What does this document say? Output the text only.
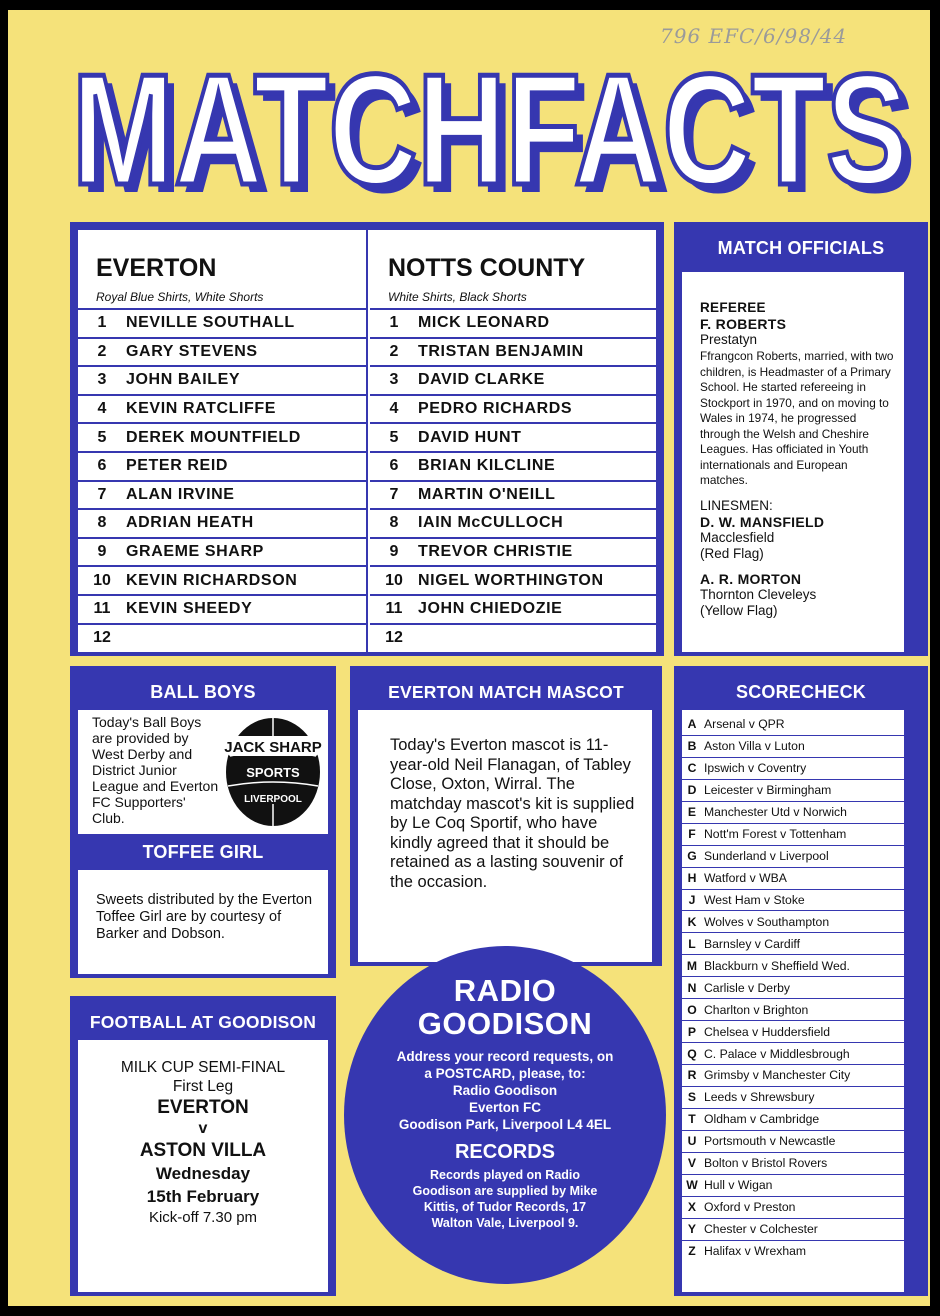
796 EFC/6/98/44
MATCHFACTS
MATCHFACTS
EVERTON
Royal Blue Shirts, White Shorts
1	NEVILLE SOUTHALL
2	GARY STEVENS
3	JOHN BAILEY
4	KEVIN RATCLIFFE
5	DEREK MOUNTFIELD
6	PETER REID
7	ALAN IRVINE
8	ADRIAN HEATH
9	GRAEME SHARP
10 KEVIN RICHARDSON
11 KEVIN SHEEDY
12
NOTTS COUNTY
White Shirts, Black Shorts
1	MICK LEONARD
2	TRISTAN BENJAMIN
3	DAVID CLARKE
4	PEDRO RICHARDS
5	DAVID HUNT
6	BRIAN KILCLINE
7	MARTIN O'NEILL
8	IAIN McCULLOCH
9	TREVOR CHRISTIE
10 NIGEL WORTHINGTON
11 JOHN CHIEDOZIE
12
MATCH OFFICIALS
REFEREE
F. ROBERTS
Prestatyn
Ffrangcon Roberts, married, with two children, is Headmaster of a Primary School. He started refereeing in Stockport in 1970, and on moving to Wales in 1974, he progressed through the Welsh and Cheshire Leagues. Has officiated in Youth internationals and European matches.
LINESMEN:
D. W. MANSFIELD
Macclesfield
(Red Flag)
A. R. MORTON
Thornton Cleveleys
(Yellow Flag)
BALL BOYS
Today's Ball Boys are provided by West Derby and District Junior League and Everton FC Supporters' Club.
JACK SHARP
SPORTS
LIVERPOOL
TOFFEE GIRL
Sweets distributed by the Everton Toffee Girl are by courtesy of Barker and Dobson.
FOOTBALL AT GOODISON
MILK CUP SEMI-FINAL
First Leg
EVERTON
v
ASTON VILLA
Wednesday
15th February
Kick-off 7.30 pm
EVERTON MATCH MASCOT
Today's Everton mascot is 11-year-old Neil Flanagan, of Tabley Close, Oxton, Wirral. The matchday mascot's kit is supplied by Le Coq Sportif, who have kindly agreed that it should be retained as a lasting souvenir of the occasion.
RADIO
GOODISON
Address your record requests, on
a POSTCARD, please, to:
Radio Goodison
Everton FC
Goodison Park, Liverpool L4 4EL
RECORDS
Records played on Radio
Goodison are supplied by Mike
Kittis, of Tudor Records, 17
Walton Vale, Liverpool 9.
SCORECHECK
A Arsenal v QPR
B Aston Villa v Luton
C Ipswich v Coventry
D Leicester v Birmingham
E Manchester Utd v Norwich
F Nott'm Forest v Tottenham
G Sunderland v Liverpool
H Watford v WBA
J West Ham v Stoke
K Wolves v Southampton
L Barnsley v Cardiff
M Blackburn v Sheffield Wed.
N Carlisle v Derby
O Charlton v Brighton
P Chelsea v Huddersfield
Q C. Palace v Middlesbrough
R Grimsby v Manchester City
S Leeds v Shrewsbury
T Oldham v Cambridge
U Portsmouth v Newcastle
V Bolton v Bristol Rovers
W Hull v Wigan
X Oxford v Preston
Y Chester v Colchester
Z Halifax v Wrexham
